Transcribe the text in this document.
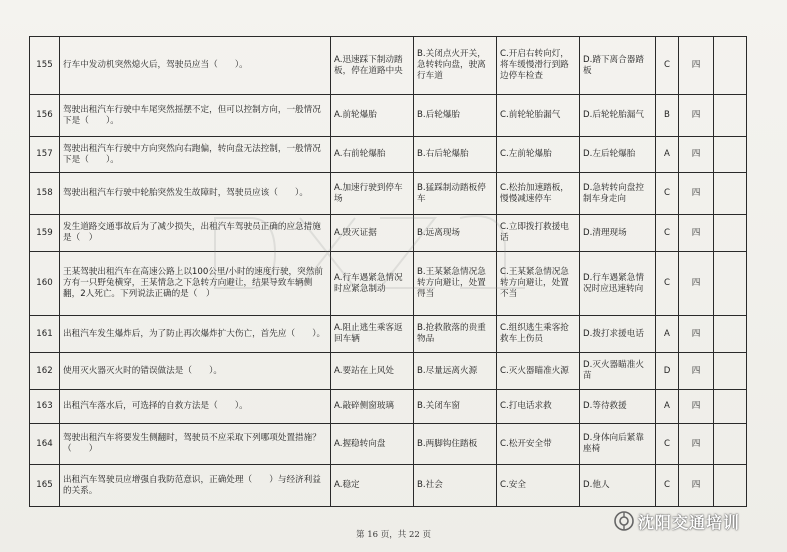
155	行车中发动机突然熄火后，驾驶员应当（　　）。	A.迅速踩下制动踏板，停在道路中央	B.关闭点火开关，急转转向盘，驶离行车道	C.开启右转向灯，将车缓慢滑行到路边停车检查	D.踏下离合器踏板	C	四	
156	驾驶出租汽车行驶中车尾突然摇摆不定，但可以控制方向，一般情况下是（　　）。	A.前轮爆胎	B.后轮爆胎	C.前轮轮胎漏气	D.后轮轮胎漏气	B	四	
157	驾驶出租汽车行驶中方向突然向右跑偏，转向盘无法控制，一般情况下是（　　）。	A.右前轮爆胎	B.右后轮爆胎	C.左前轮爆胎	D.左后轮爆胎	A	四	
158	驾驶出租汽车行驶中轮胎突然发生故障时，驾驶员应该（　　）。	A.加速行驶到停车场	B.猛踩制动踏板停车	C.松抬加速踏板，慢慢减速停车	D.急转转向盘控制车身走向	C	四	
159	发生道路交通事故后为了减少损失，出租汽车驾驶员正确的应急措施是（　）	A.毁灭证据	B.远离现场	C.立即拨打救援电话	D.清理现场	C	四	
160	王某驾驶出租汽车在高速公路上以100公里/小时的速度行驶，突然前方有一只野兔横穿，王某情急之下急转方向避让，结果导致车辆侧翻，2人死亡。下列说法正确的是（　）	A.行车遇紧急情况时应紧急制动	B.王某紧急情况急转方向避让，处置得当	C.王某紧急情况急转方向避让，处置不当	D.行车遇紧急情况时应迅速转向	C	四	
161	出租汽车发生爆炸后，为了防止再次爆炸扩大伤亡，首先应（　　）。	A.阻止逃生乘客返回车辆	B.抢救散落的贵重物品	C.组织逃生乘客抢救车上伤员	D.拨打求援电话	A	四	
162	使用灭火器灭火时的错误做法是（　　）。	A.要站在上风处	B.尽量远离火源	C.灭火器瞄准火源	D.灭火器瞄准火苗	D	四	
163	出租汽车落水后，可选择的自救方法是（　　）。	A.敲碎侧窗玻璃	B.关闭车窗	C.打电话求救	D.等待救援	A	四	
164	驾驶出租汽车将要发生侧翻时，驾驶员不应采取下列哪项处置措施？（　　）	A.握稳转向盘	B.两脚钩住踏板	C.松开安全带	D.身体向后紧靠座椅	C	四	
165	出租汽车驾驶员应增强自我防范意识，正确处理（　　）与经济利益的关系。	A.稳定	B.社会	C.安全	D.他人	C	四	
第 16 页，共 22 页
沈阳交通培训
